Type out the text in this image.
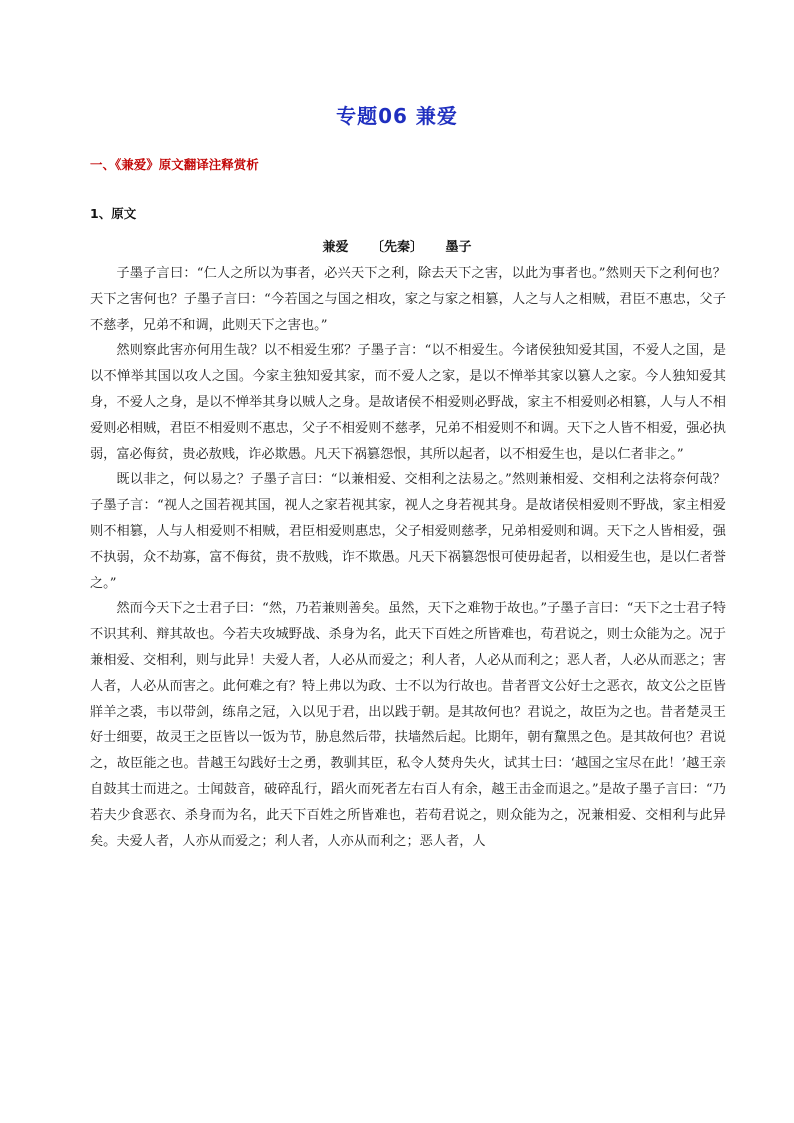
专题06 兼爱
一、《兼爱》原文翻译注释赏析
1、原文
兼爱 〔先秦〕 墨子

子墨子言曰：“仁人之所以为事者，必兴天下之利，除去天下之害，以此为事者也。”然则天下之利何也？天下之害何也？子墨子言曰：“今若国之与国之相攻，家之与家之相篡，人之与人之相贼，君臣不惠忠，父子不慈孝，兄弟不和调，此则天下之害也。”

然则察此害亦何用生哉？以不相爱生邪？子墨子言：“以不相爱生。今诸侯独知爱其国，不爱人之国，是以不惮举其国以攻人之国。今家主独知爱其家，而不爱人之家，是以不惮举其家以篡人之家。今人独知爱其身，不爱人之身，是以不惮举其身以贼人之身。是故诸侯不相爱则必野战，家主不相爱则必相篡，人与人不相爱则必相贼，君臣不相爱则不惠忠，父子不相爱则不慈孝，兄弟不相爱则不和调。天下之人皆不相爱，强必执弱，富必侮贫，贵必敖贱，诈必欺愚。凡天下祸篡怨恨，其所以起者，以不相爱生也，是以仁者非之。”

既以非之，何以易之？子墨子言曰：“以兼相爱、交相利之法易之。”然则兼相爱、交相利之法将奈何哉？子墨子言：“视人之国若视其国，视人之家若视其家，视人之身若视其身。是故诸侯相爱则不野战，家主相爱则不相篡，人与人相爱则不相贼，君臣相爱则惠忠，父子相爱则慈孝，兄弟相爱则和调。天下之人皆相爱，强不执弱，众不劫寡，富不侮贫，贵不敖贱，诈不欺愚。凡天下祸篡怨恨可使毋起者，以相爱生也，是以仁者誉之。”

然而今天下之士君子曰：“然，乃若兼则善矣。虽然，天下之难物于故也。”子墨子言曰：“天下之士君子特不识其利、辩其故也。今若夫攻城野战、杀身为名，此天下百姓之所皆难也，苟君说之，则士众能为之。况于兼相爱、交相利，则与此异！夫爱人者，人必从而爱之；利人者，人必从而利之；恶人者，人必从而恶之；害人者，人必从而害之。此何难之有？特上弗以为政、士不以为行故也。昔者晋文公好士之恶衣，故文公之臣皆牂羊之裘，韦以带剑，练帛之冠，入以见于君，出以践于朝。是其故何也？君说之，故臣为之也。昔者楚灵王好士细要，故灵王之臣皆以一饭为节，胁息然后带，扶墙然后起。比期年，朝有黧黑之色。是其故何也？君说之，故臣能之也。昔越王勾践好士之勇，教驯其臣，私令人焚舟失火，试其士曰：‘越国之宝尽在此！’越王亲自鼓其士而进之。士闻鼓音，破碎乱行，蹈火而死者左右百人有余，越王击金而退之。”是故子墨子言曰：“乃若夫少食恶衣、杀身而为名，此天下百姓之所皆难也，若苟君说之，则众能为之，况兼相爱、交相利与此异矣。夫爱人者，人亦从而爱之；利人者，人亦从而利之；恶人者，人
